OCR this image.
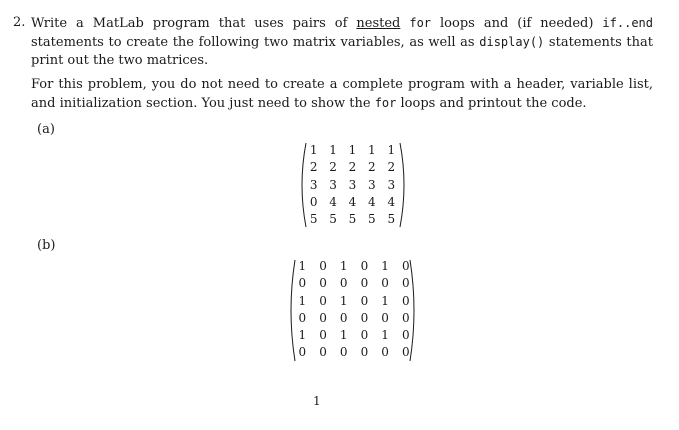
2. Write a MatLab program that uses pairs of nested for loops and (if needed) if..end statements to create the following two matrix variables, as well as display() statements that print out the two matrices.
For this problem, you do not need to create a complete program with a header, variable list, and initialization section. You just need to show the for loops and printout the code.
(a)
1 1 1 1 1
2 2 2 2 2
3 3 3 3 3
0 4 4 4 4
5 5 5 5 5
(b)
1	0	1	0	1	0
0	0	0	0	0	0
1	0	1	0	1	0
0	0	0	0	0	0
1	0	1	0	1	0
0	0	0	0	0	0
1
